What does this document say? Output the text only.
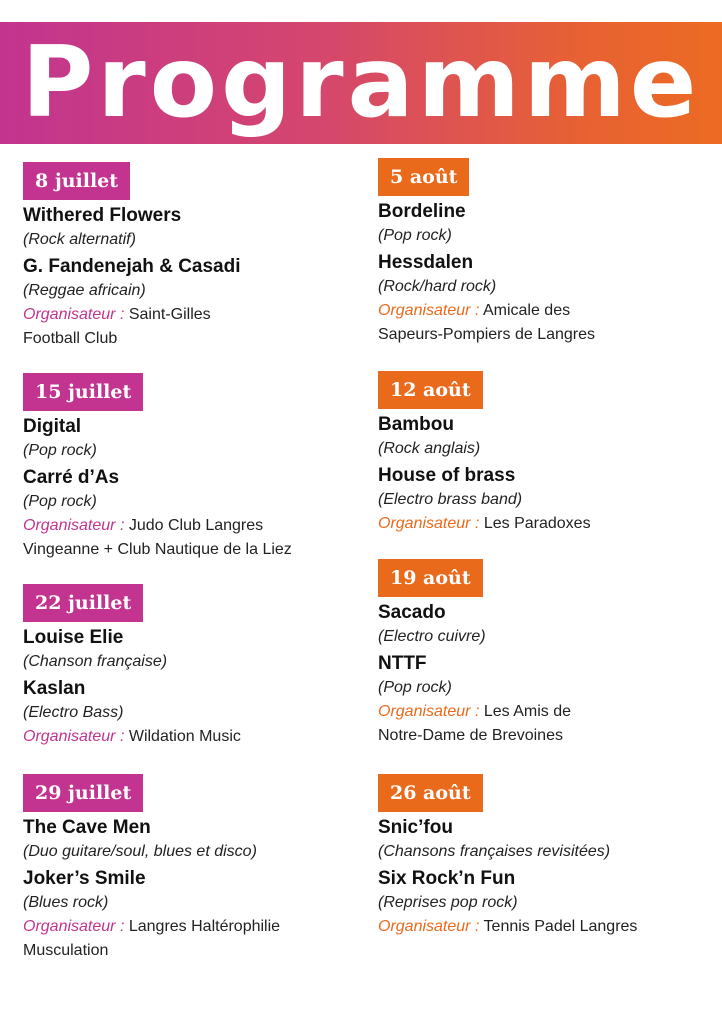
Programme
8 juillet
Withered Flowers
(Rock alternatif)
G. Fandenejah & Casadi
(Reggae africain)
Organisateur : Saint-Gilles
Football Club
15 juillet
Digital
(Pop rock)
Carré d’As
(Pop rock)
Organisateur : Judo Club Langres
Vingeanne + Club Nautique de la Liez
22 juillet
Louise Elie
(Chanson française)
Kaslan
(Electro Bass)
Organisateur : Wildation Music
29 juillet
The Cave Men
(Duo guitare/soul, blues et disco)
Joker’s Smile
(Blues rock)
Organisateur : Langres Haltérophilie
Musculation
5 août
Bordeline
(Pop rock)
Hessdalen
(Rock/hard rock)
Organisateur : Amicale des
Sapeurs-Pompiers de Langres
12 août
Bambou
(Rock anglais)
House of brass
(Electro brass band)
Organisateur : Les Paradoxes
19 août
Sacado
(Electro cuivre)
NTTF
(Pop rock)
Organisateur : Les Amis de
Notre-Dame de Brevoines
26 août
Snic’fou
(Chansons françaises revisitées)
Six Rock’n Fun
(Reprises pop rock)
Organisateur : Tennis Padel Langres
